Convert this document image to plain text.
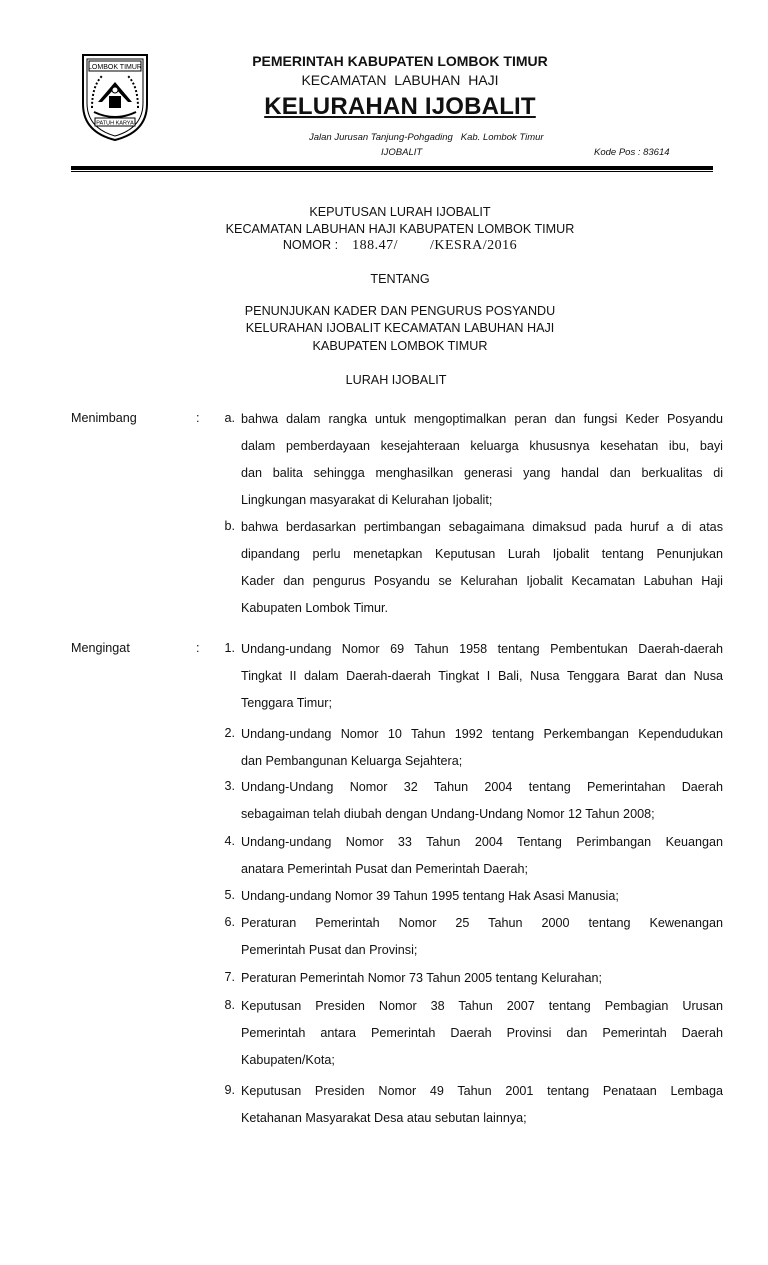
LOMBOK TIMUR
PATUH KARYA
PEMERINTAH KABUPATEN LOMBOK TIMUR
KECAMATAN  LABUHAN  HAJI
KELURAHAN IJOBALIT
Jalan Jurusan Tanjung-Pohgading   Kab. Lombok Timur
IJOBALIT	Kode Pos : 83614
KEPUTUSAN LURAH IJOBALIT
KECAMATAN LABUHAN HAJI KABUPATEN LOMBOK TIMUR
NOMOR : 188.47/        /KESRA/2016
TENTANG
PENUNJUKAN KADER DAN PENGURUS POSYANDU
KELURAHAN IJOBALIT KECAMATAN LABUHAN HAJI
KABUPATEN LOMBOK TIMUR
LURAH IJOBALIT
Menimbang	:	a. bahwa dalam rangka untuk mengoptimalkan peran dan fungsi Keder Posyandu
dalam pemberdayaan kesejahteraan keluarga khususnya kesehatan ibu, bayi
dan balita sehingga menghasilkan generasi yang handal dan berkualitas di
Lingkungan masyarakat di Kelurahan Ijobalit;
b. bahwa berdasarkan pertimbangan sebagaimana dimaksud pada huruf a di atas
dipandang perlu menetapkan Keputusan Lurah Ijobalit tentang Penunjukan
Kader dan pengurus Posyandu se Kelurahan Ijobalit Kecamatan Labuhan Haji
Kabupaten Lombok Timur.
Mengingat	:	1. Undang-undang Nomor 69 Tahun 1958 tentang Pembentukan Daerah-daerah
Tingkat II dalam Daerah-daerah Tingkat I Bali, Nusa Tenggara Barat dan Nusa
Tenggara Timur;
2. Undang-undang Nomor 10 Tahun 1992 tentang Perkembangan Kependudukan
dan Pembangunan Keluarga Sejahtera;
3. Undang-Undang Nomor 32 Tahun 2004 tentang Pemerintahan Daerah
sebagaiman telah diubah dengan Undang-Undang Nomor 12 Tahun 2008;
4. Undang-undang Nomor 33 Tahun 2004 Tentang Perimbangan Keuangan
anatara Pemerintah Pusat dan Pemerintah Daerah;
5. Undang-undang Nomor 39 Tahun 1995 tentang Hak Asasi Manusia;
6. Peraturan Pemerintah Nomor 25 Tahun 2000 tentang Kewenangan
Pemerintah Pusat dan Provinsi;
7. Peraturan Pemerintah Nomor 73 Tahun 2005 tentang Kelurahan;
8. Keputusan Presiden Nomor 38 Tahun 2007 tentang Pembagian Urusan
Pemerintah antara Pemerintah Daerah Provinsi dan Pemerintah Daerah
Kabupaten/Kota;
9. Keputusan Presiden Nomor 49 Tahun 2001 tentang Penataan Lembaga
Ketahanan Masyarakat Desa atau sebutan lainnya;
